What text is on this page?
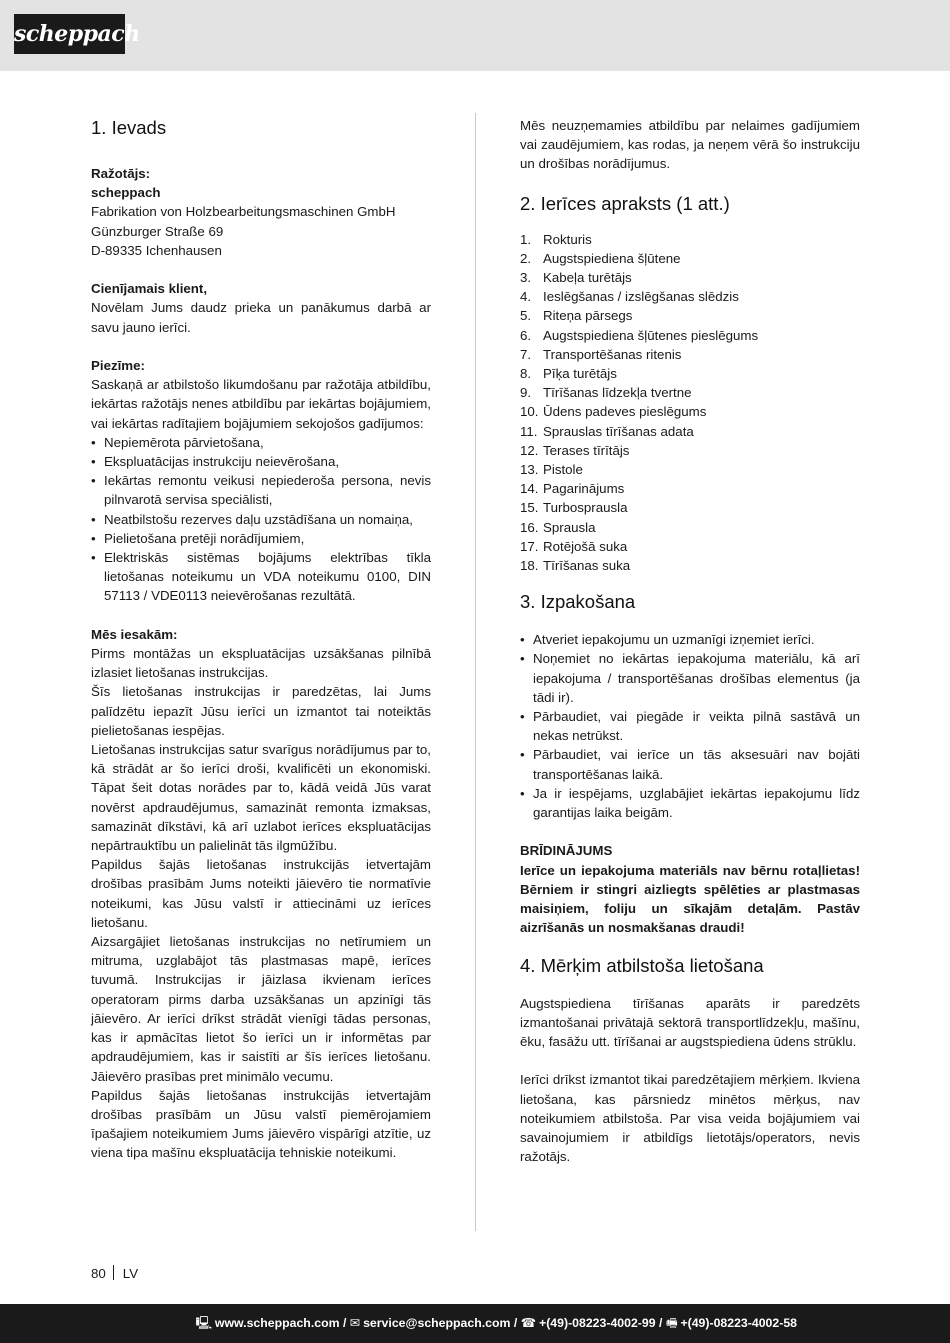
scheppach
1. Ievads

Ražotājs:

scheppach

Fabrikation von Holzbearbeitungsmaschinen GmbH

Günzburger Straße 69

D-89335 Ichenhausen

Cienījamais klient,

Novēlam Jums daudz prieka un panākumus darbā ar savu jauno ierīci.

Piezīme:

Saskaņā ar atbilstošo likumdošanu par ražotāja atbildību, iekārtas ražotājs nenes atbildību par iekārtas bojājumiem, vai iekārtas radītajiem bojājumiem sekojošos gadījumos:

• Nepiemērota pārvietošana,
• Ekspluatācijas instrukciju neievērošana,
• Iekārtas remontu veikusi nepiederoša persona, nevis pilnvarotā servisa speciālisti,
• Neatbilstošu rezerves daļu uzstādīšana un nomaiņa,
• Pielietošana pretēji norādījumiem,
• Elektriskās sistēmas bojājums elektrības tīkla lietošanas noteikumu un VDA noteikumu 0100, DIN 57113 / VDE0113 neievērošanas rezultātā.

Mēs iesakām:

Pirms montāžas un ekspluatācijas uzsākšanas pilnībā izlasiet lietošanas instrukcijas.

Šīs lietošanas instrukcijas ir paredzētas, lai Jums palīdzētu iepazīt Jūsu ierīci un izmantot tai noteiktās pielietošanas iespējas.

Lietošanas instrukcijas satur svarīgus norādījumus par to, kā strādāt ar šo ierīci droši, kvalificēti un ekonomiski. Tāpat šeit dotas norādes par to, kādā veidā Jūs varat novērst apdraudējumus, samazināt remonta izmaksas, samazināt dīkstāvi, kā arī uzlabot ierīces ekspluatācijas nepārtrauktību un palielināt tās ilgmūžību.

Papildus šajās lietošanas instrukcijās ietvertajām drošības prasībām Jums noteikti jāievēro tie normatīvie noteikumi, kas Jūsu valstī ir attiecināmi uz ierīces lietošanu.

Aizsargājiet lietošanas instrukcijas no netīrumiem un mitruma, uzglabājot tās plastmasas mapē, ierīces tuvumā. Instrukcijas ir jāizlasa ikvienam ierīces operatoram pirms darba uzsākšanas un apzinīgi tās jāievēro. Ar ierīci drīkst strādāt vienīgi tādas personas, kas ir apmācītas lietot šo ierīci un ir informētas par apdraudējumiem, kas ir saistīti ar šīs ierīces lietošanu. Jāievēro prasības pret minimālo vecumu.

Papildus šajās lietošanas instrukcijās ietvertajām drošības prasībām un Jūsu valstī piemērojamiem īpašajiem noteikumiem Jums jāievēro vispārīgi atzītie, uz viena tipa mašīnu ekspluatācija tehniskie noteikumi.

Mēs neuzņemamies atbildību par nelaimes gadījumiem vai zaudējumiem, kas rodas, ja neņem vērā šo instrukciju un drošības norādījumus.

2. Ierīces apraksts (1 att.)
1. Rokturis
2. Augstspiediena šļūtene
3. Kabeļa turētājs
4. Ieslēgšanas / izslēgšanas slēdzis
5. Riteņa pārsegs
6. Augstspiediena šļūtenes pieslēgums
7. Transportēšanas ritenis
8. Pīķa turētājs
9. Tīrīšanas līdzekļa tvertne
10. Ūdens padeves pieslēgums
11. Sprauslas tīrīšanas adata
12. Terases tīrītājs
13. Pistole
14. Pagarinājums
15. Turbosprausla
16. Sprausla
17. Rotējošā suka
18. Tīrīšanas suka
3. Izpakošana
• Atveriet iepakojumu un uzmanīgi izņemiet ierīci.
• Noņemiet no iekārtas iepakojuma materiālu, kā arī iepakojuma / transportēšanas drošības elementus (ja tādi ir).
• Pārbaudiet, vai piegāde ir veikta pilnā sastāvā un nekas netrūkst.
• Pārbaudiet, vai ierīce un tās aksesuāri nav bojāti transportēšanas laikā.
• Ja ir iespējams, uzglabājiet iekārtas iepakojumu līdz garantijas laika beigām.

BRĪDINĀJUMS

Ierīce un iepakojuma materiāls nav bērnu rotaļlietas! Bērniem ir stingri aizliegts spēlēties ar plastmasas maisiņiem, foliju un sīkajām detaļām. Pastāv aizrīšanās un nosmakšanas draudi!

4. Mērķim atbilstoša lietošana

Augstspiediena tīrīšanas aparāts ir paredzēts izmantošanai privātajā sektorā transportlīdzekļu, mašīnu, ēku, fasāžu utt. tīrīšanai ar augstspiediena ūdens strūklu.

Ierīci drīkst izmantot tikai paredzētajiem mērķiem. Ikviena lietošana, kas pārsniedz minētos mērķus, nav noteikumiem atbilstoša. Par visa veida bojājumiem vai savainojumiem ir atbildīgs lietotājs/operators, nevis ražotājs.

80 LV
🖳 www.scheppach.com / ✉ service@scheppach.com / ☎ +(49)-08223-4002-99 / 🖷 +(49)-08223-4002-58
